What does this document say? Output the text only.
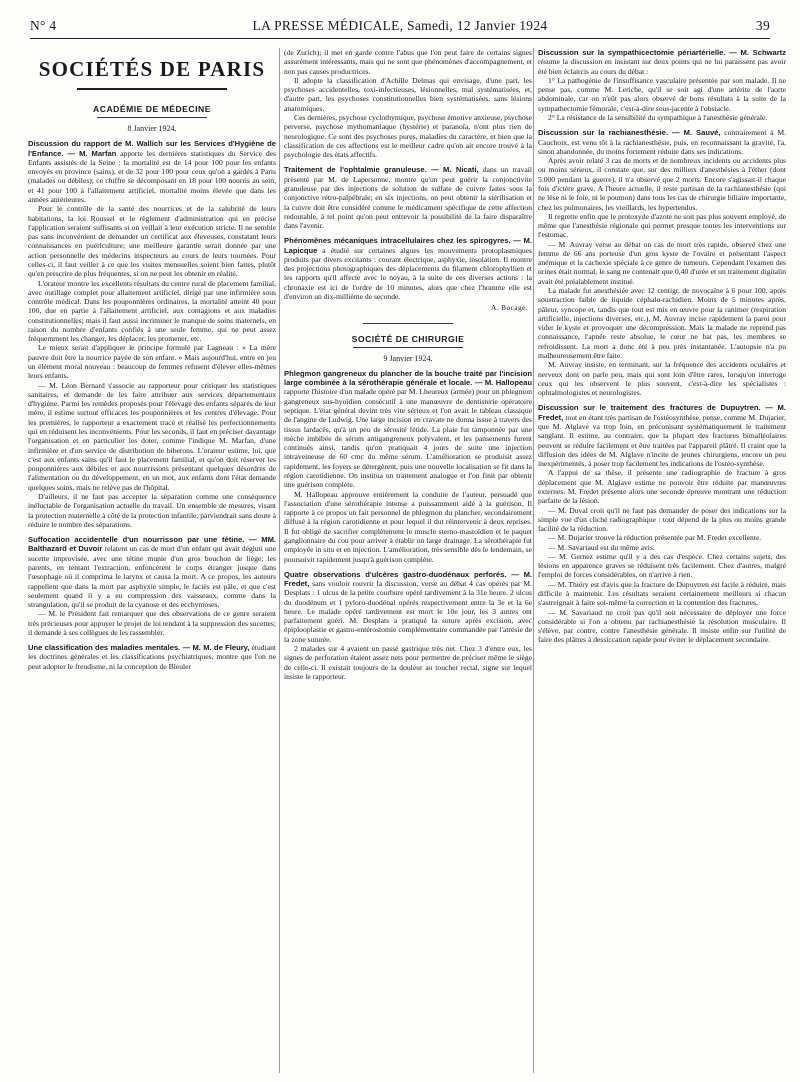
N° 4	LA PRESSE MÉDICALE, Samedi, 12 Janvier 1924	39
SOCIÉTÉS DE PARIS
ACADÉMIE DE MÉDECINE
8 Janvier 1924.

Discussion du rapport de M. Wallich sur les Services d'Hygiène de l'Enfance. — M. Marfan apporte les dernières statistiques du Service des Enfants assistés de la Seine : la mortalité est de 14 pour 100 pour les enfants envoyés en province (sains), et de 32 pour 100 pour ceux qu'on a gardés à Paris (malades ou débiles); ce chiffre se décomposant en 18 pour 100 nourris au sein, et 41 pour 100 à l'allaitement artificiel, mortalité moins élevée que dans les années antérieures.

Pour le contrôle de la santé des nourrices et de la salubrité de leurs habitations, la loi Roussel et le règlement d'administration qui en précise l'application seraient suffisants si on veillait à leur exécution stricte. Il ne semble pas sans inconvénient de demander un certificat aux éleveuses, constatant leurs connaissances en puériculture; une meilleure garantie serait donnée par une action personnelle des médecins inspecteurs au cours de leurs tournées. Pour celles-ci, il faut veiller à ce que les visites mensuelles soient bien faites, plutôt qu'en prescrire de plus fréquentes, si on ne peut les obtenir en réalité.

L'orateur montre les excellents résultats du centre rural de placement familial, avec outillage complet pour allaitement artificiel, dirigé par une infirmière sous contrôle médical. Dans les pouponnières ordinaires, la mortalité atteint 40 pour 100, due en partie à l'allaitement artificiel, aux contagions et aux maladies constitutionnelles; mais il faut aussi incriminer le manque de soins maternels, en raison du nombre d'enfants confiés à une seule femme, qui ne peut assez fréquemment les changer, les déplacer, les promener, etc.

Le mieux serait d'appliquer le principe formulé par Lagneau : « La mère pauvre doit être la nourrice payée de son enfant. » Mais aujourd'hui, entre en jeu un élément moral nouveau : beaucoup de femmes refusent d'élever elles-mêmes leurs enfants.

— M. Léon Bernard s'associe au rapporteur pour critiquer les statistiques sanitaires, et demande de les faire attribuer aux services départementaux d'hygiène. Parmi les remèdes proposés pour l'élevage des enfants séparés de leur mère, il estime surtout efficaces les pouponnières et les centres d'élevage. Pour les premières, le rapporteur a exactement tracé et réalisé les perfectionnements qui en réduisent les inconvénients. Pour les seconds, il faut en préciser davantage l'organisation et en particulier les doter, comme l'indique M. Marfan, d'une infirmière et d'un service de distribution de biberons. L'orateur estime, lui, que c'est aux enfants sains qu'il faut le placement familial, et qu'on doit réserver les pouponnières aux débiles et aux nourrissons présentant quelques désordres de l'alimentation ou du développement, en un mot, aux enfants dont l'état demande quelques soins, mais ne relève pas de l'hôpital.

D'ailleurs, il ne faut pas accepter la séparation comme une conséquence inéluctable de l'organisation actuelle du travail. Un ensemble de mesures, visant la protection maternelle à côté de la protection infantile, parviendrait sans doute à réduire le nombre des séparations.

Suffocation accidentelle d'un nourrisson par une tétine. — MM. Balthazard et Duvoir relatent un cas de mort d'un enfant qui avait dégluti une sucette improvisée, avec une tétine munie d'un gros bouchon de liège; les parents, en tentant l'extraction, enfoncèrent le corps étranger jusque dans l'œsophage où il comprima le larynx et causa la mort. A ce propos, les auteurs rappellent que dans la mort par asphyxie simple, le faciès est pâle, et que c'est seulement quand il y a eu compression des vaisseaux, comme dans la strangulation, qu'il se produit de la cyanose et des ecchymoses.

— M. le Président fait remarquer que des observations de ce genre seraient très précieuses pour appuyer le projet de loi tendant à la suppression des sucettes; il demande à ses collègues de les rassembler.

Une classification des maladies mentales. — M. M. de Fleury, étudiant les doctrines générales et les classifications psychiatriques, montre que l'on ne peut adopter le freudisme, ni la conception de Bleuler

(de Zurich); il met en garde contre l'abus que l'on peut faire de certains signes assurément intéressants, mais qui ne sont que phénomènes d'accompagnement, et non pas causes productrices.

Il adopte la classification d'Achille Delmas qui envisage, d'une part, les psychoses accidentelles, toxi-infectieuses, lésionnelles, mal systématisées, et, d'autre part, les psychoses constitutionnelles bien systématisées, sans lésions anatomiques.

Ces dernières, psychose cyclothymique, psychose émotive anxieuse, psychose perverse, psychose mythomaniaque (hystérie) et paranoïa, n'ont plus rien de neurologique. Ce sont des psychoses pures, maladies du caractère, et bien que la classification de ces affections est le meilleur cadre qu'on ait encore trouvé à la psychologie des états affectifs.

Traitement de l'ophtalmie granuleuse. — M. Nicati, dans un travail présenté par M. de Lapersonne, montre qu'on peut guérir la conjonctivite granuleuse par des injections de solution de sulfate de cuivre faites sous la conjonctive rétro-palpébrale; en six injections, on peut obtenir la stérilisation et la cuivre doit être considéré comme le médicament spécifique de cette affection redoutable, à tel point qu'on peut entrevoir la possibilité de la faire disparaître dans l'avenir.

Phénomènes mécaniques intracellulaires chez les spirogyres. — M. Lapicque a étudié sur certaines algues les mouvements protoplasmiques produits par divers excitants : courant électrique, asphyxie, insolation. Il montre des projections photographiques des déplacements du filament chlorophyllien et les rapports qu'il affecte avec le noyau, à la suite de ces diverses actions : la chronaxie est ici de l'ordre de 10 minutes, alors que chez l'homme elle est d'environ un dix-millième de seconde.

A. Bocage.
SOCIÉTÉ DE CHIRURGIE
9 Janvier 1924.

Phlegmon gangreneux du plancher de la bouche traité par l'incision large combinée à la sérothérapie générale et locale. — M. Hallopeau rapporte l'histoire d'un malade opéré par M. Lheureux (armée) pour un phlegmon gangreneux sus-hyoïdien consécutif à une manœuvre de dentisterie opératoire septique. L'état général devint très vite sérieux et l'on avait le tableau classique de l'angine de Ludwig. Une large incision en cravate ne donna issue à travers des tissus lardacés, qu'à un peu de sérosité fétide. La plaie fut tamponnée par une mèche imbibée de sérum antigangreneux polyvalent, et les pansements furent continués ainsi, tandis qu'on pratiquait 4 jours de suite une injection intraveineuse de 60 cmc du même sérum. L'amélioration se produisit assez rapidement, les foyers se détergèrent, puis une nouvelle localisation se fit dans la région carotidienne. On institua un traitement analogue et l'on finit par obtenir une guérison complète.

M. Hallopeau approuve entièrement la conduite de l'auteur, persuadé que l'association d'une sérothérapie intense a puissamment aidé à la guérison. Il rapporte à ce propos un fait personnel de phlegmon du plancher, secondairement diffusé à la région carotidienne et pour lequel il dut réintervenir à deux reprises. Il fut obligé de sacrifier complètement le muscle sterno-mastoïdien et le paquet ganglionnaire du cou pour arriver à établir un large drainage. La sérothérapie fut employée in situ et en injection. L'amélioration, très sensible dès le lendemain, se poursuivit rapidement jusqu'à guérison complète.

Quatre observations d'ulcères gastro-duodénaux perforés. — M. Fredet, sans vouloir rouvrir la discussion, verse au débat 4 cas opérés par M. Desplats : 1 ulcus de la petite courbure opéré tardivement à la 31e heure. 2 ulcus du duodénum et 1 pyloro-duodénal opérés respectivement entre la 3e et la 6e heure. Le malade opéré tardivement est mort le 10e jour, les 3 autres ont parfaitement guéri. M. Desplats a pratiqué la suture après excision, avec épiplooplastie et gastro-entérostomie complémentaire commandée par l'atrésie de la zone suturée.

2 malades sur 4 avaient un passé gastrique très net. Chez 3 d'entre eux, les signes de perforation étaient assez nets pour permettre de préciser même le siège de celle-ci. Il existait toujours de la douleur au toucher rectal, signe sur lequel insiste le rapporteur.

Discussion sur la sympathicectomie périartérielle. — M. Schwartz résume la discussion en insistant sur deux points qui ne lui paraissent pas avoir été bien éclaircis au cours du débat :

1° La pathogénie de l'insuffisance vasculaire présentée par son malade. Il ne pense pas, comme M. Leriche, qu'il se soit agi d'une artérite de l'aorte abdominale, car on n'eût pas alors observé de bons résultats à la suite de la sympathectomie fémorale, c'est-à-dire sous-jacente à l'obstacle.

2° La résistance de la sensibilité du sympathique à l'anesthésie générale.

Discussion sur la rachianesthésie. — M. Sauvé, contrairement à M. Cauchoix, est venu tôt à la rachianesthésie, puis, en reconnaissant la gravité, l'a, sinon abandonnée, du moins fortement réduite dans ses indications.

Après avoir relaté 3 cas de morts et de nombreux incidents ou accidents plus ou moins sérieux, il constate que, sur des milliers d'anesthésies à l'éther (dont 5.000 pendant la guerre), il n'a observé que 2 morts. Encore s'agissait-il chaque fois d'ictère grave. A l'heure actuelle, il reste partisan de la rachianesthésie (qui ne lèse ni le foie, ni le poumon) dans tous les cas de chirurgie biliaire importante, chez les pulmonaires, les vieillards, les hypertendus.

Il regrette enfin que le protoxyde d'azote ne soit pas plus souvent employé, de même que l'anesthésie régionale qui permet presque toutes les interventions sur l'estomac.

— M. Auvray verse au débat un cas de mort très rapide, observé chez une femme de 66 ans porteuse d'un gros kyste de l'ovaire et présentant l'aspect anémique et la cachexie spéciale à ce genre de tumeurs. Cependant l'examen des urines était normal, le sang ne contenait que 0,40 d'urée et un traitement digitalin avait été préalablement institué.

La malade fut anesthésiée avec 12 centigr. de novocaïne à 6 pour 100, après soustraction faible de liquide céphalo-rachidien. Moins de 5 minutes après, pâleur, syncope et, tandis que tout est mis en œuvre pour la ranimer (respiration artificielle, injections diverses, etc.), M. Auvray incise rapidement la paroi pour vider le kyste et provoquer une décompression. Mais la malade ne reprend pas connaissance, l'apnée reste absolue, le cœur ne bat pas, les membres se refroidissent. La mort a donc été à peu près instantanée. L'autopsie n'a pu malheureusement être faite.

M. Auvray insiste, en terminant, sur la fréquence des accidents oculaires et nerveux dont on parle peu, mais qui sont loin d'être rares, lorsqu'on interroge ceux qui les observent le plus souvent, c'est-à-dire les spécialistes : ophtalmologistes et neurologistes.

Discussion sur le traitement des fractures de Dupuytren. — M. Fredet, tout en étant très partisan de l'ostéosynthèse, pense, comme M. Dujarier, que M. Alglave va trop loin, en préconisant systématiquement le traitement sanglant. Il estime, au contraire, que la plupart des fractures bimalléolaires peuvent se réduire facilement et être traitées par l'appareil plâtré. Il craint que la diffusion des idées de M. Alglave n'incite de jeunes chirurgiens, encore un peu inexpérimentés, à poser trop facilement les indications de l'ostéo-synthèse.

A l'appui de sa thèse, il présente une radiographie de fracture à gros déplacement que M. Alglave estime ne pouvoir être réduite par manœuvres externes. M. Fredet présente alors une seconde épreuve montrant une réduction parfaite de la lésion.

— M. Duval croit qu'il ne faut pas demander de poser des indications sur la simple vue d'un cliché radiographique : tout dépend de la plus ou moins grande facilité de la réduction.

— M. Dujarier trouve la réduction présentée par M. Fredet excellente.

— M. Savariaud est du même avis.

— M. Gernez estime qu'il y a des cas d'espèce. Chez certains sujets, des lésions en apparence graves se réduisent très facilement. Chez d'autres, malgré l'emploi de forces considérables, on n'arrive à rien.

— M. Thiéry est d'avis que la fracture de Dupuytren est facile à réduire, mais difficile à maintenir. Les résultats seraient certainement meilleurs si chacun s'astreignait à faire soi-même la correction et la contention des fractures.

— M. Savariaud ne croit pas qu'il soit nécessaire de déployer une force considérable si l'on a obtenu par rachianesthésie la résolution musculaire. Il s'élève, par contre, contre l'anesthésie générale. Il insiste enfin sur l'utilité de faire des plâtres à dessiccation rapide pour éviter le déplacement secondaire.
